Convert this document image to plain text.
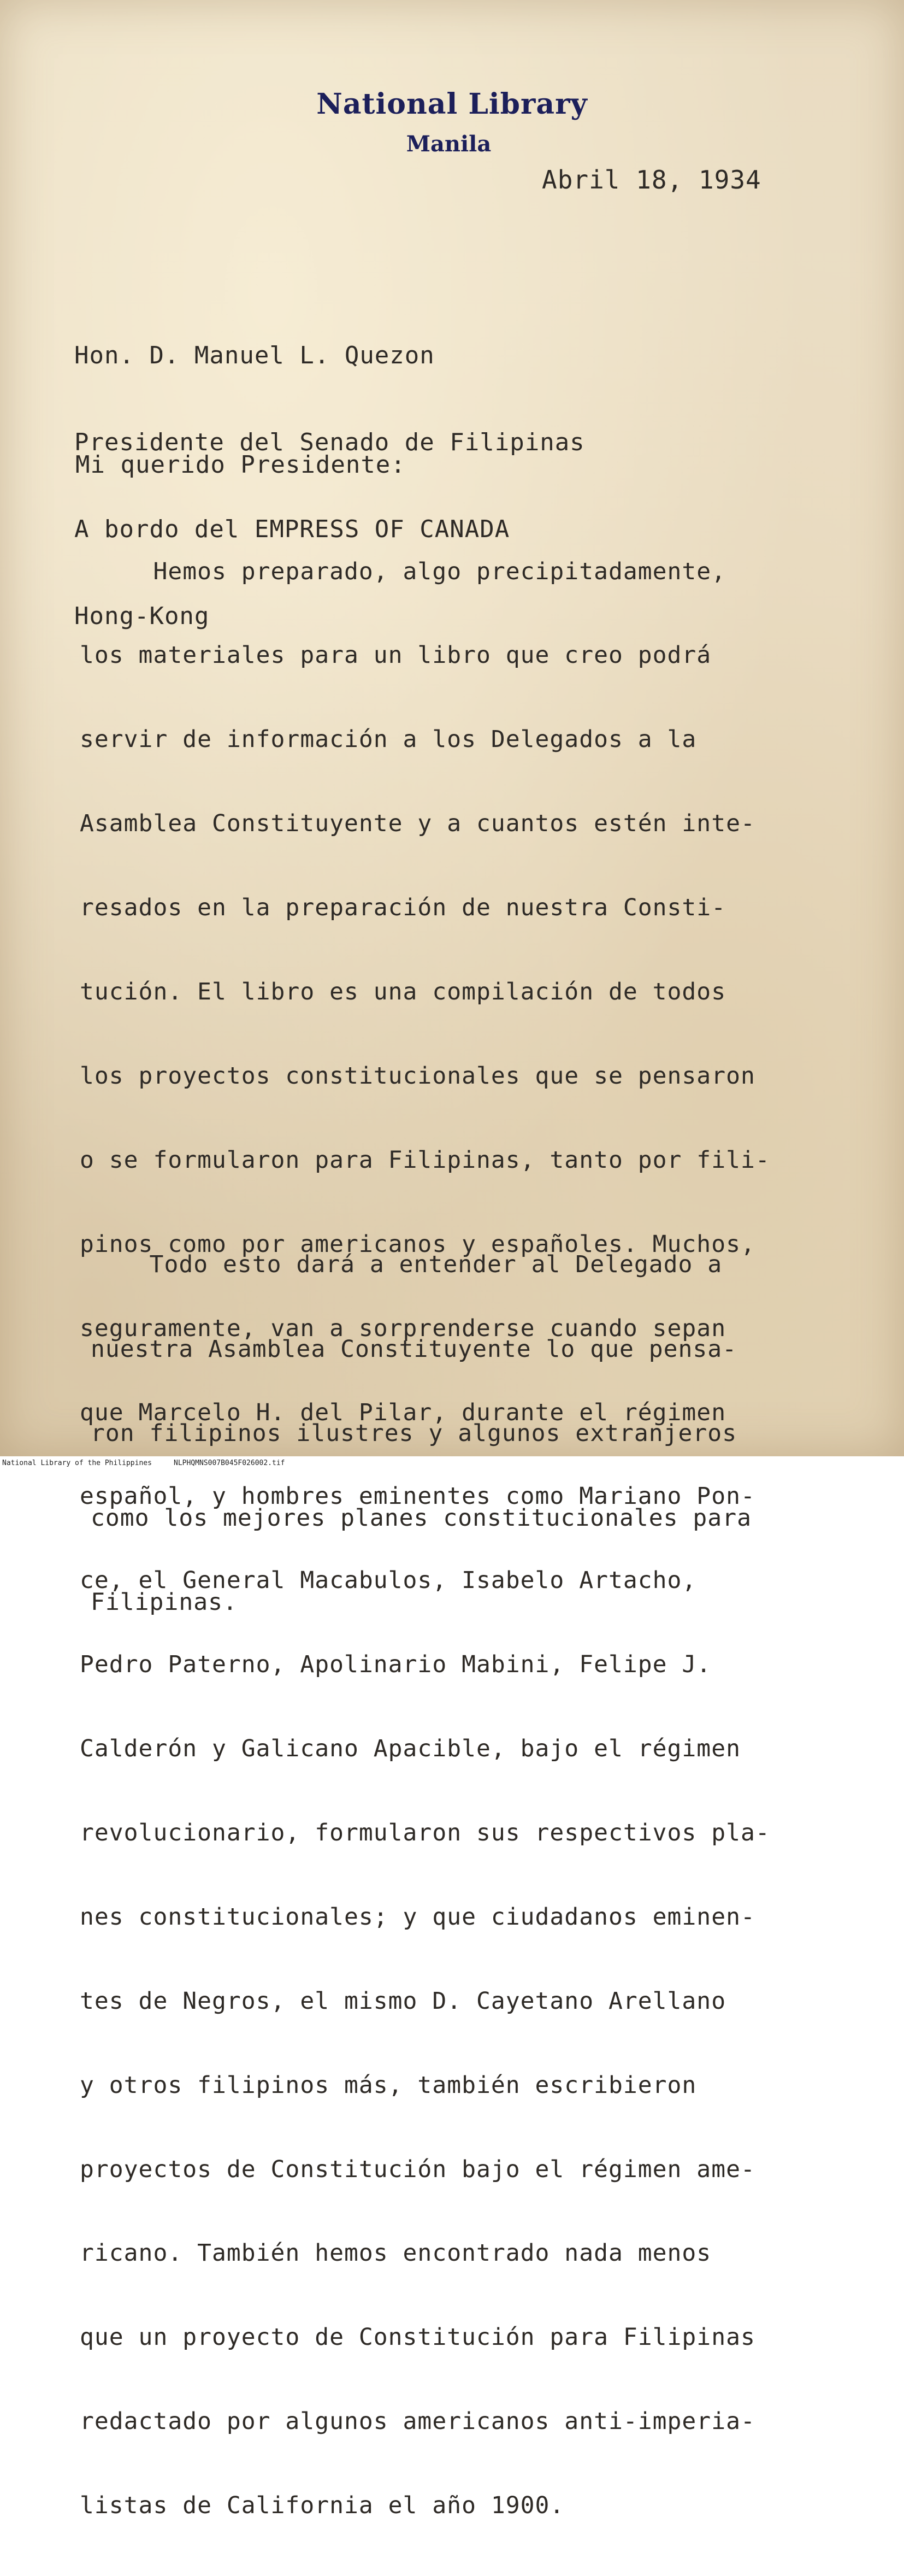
National Library
Manila
Abril 18, 1934

Hon. D. Manuel L. Quezon

Presidente del Senado de Filipinas

A bordo del EMPRESS OF CANADA

Hong-Kong

Mi querido Presidente:

Hemos preparado, algo precipitadamente,

los materiales para un libro que creo podrá

servir de información a los Delegados a la

Asamblea Constituyente y a cuantos estén inte-

resados en la preparación de nuestra Consti-

tución. El libro es una compilación de todos

los proyectos constitucionales que se pensaron

o se formularon para Filipinas, tanto por fili-

pinos como por americanos y españoles. Muchos,

seguramente, van a sorprenderse cuando sepan

que Marcelo H. del Pilar, durante el régimen

español, y hombres eminentes como Mariano Pon-

ce, el General Macabulos, Isabelo Artacho,

Pedro Paterno, Apolinario Mabini, Felipe J.

Calderón y Galicano Apacible, bajo el régimen

revolucionario, formularon sus respectivos pla-

nes constitucionales; y que ciudadanos eminen-

tes de Negros, el mismo D. Cayetano Arellano

y otros filipinos más, también escribieron

proyectos de Constitución bajo el régimen ame-

ricano. También hemos encontrado nada menos

que un proyecto de Constitución para Filipinas

redactado por algunos americanos anti-imperia-

listas de California el año 1900.

Todo esto dará a entender al Delegado a

nuestra Asamblea Constituyente lo que pensa-

ron filipinos ilustres y algunos extranjeros

como los mejores planes constitucionales para

Filipinas.

National Library of the Philippines	NLPHQMNS007B045F026002.tif
